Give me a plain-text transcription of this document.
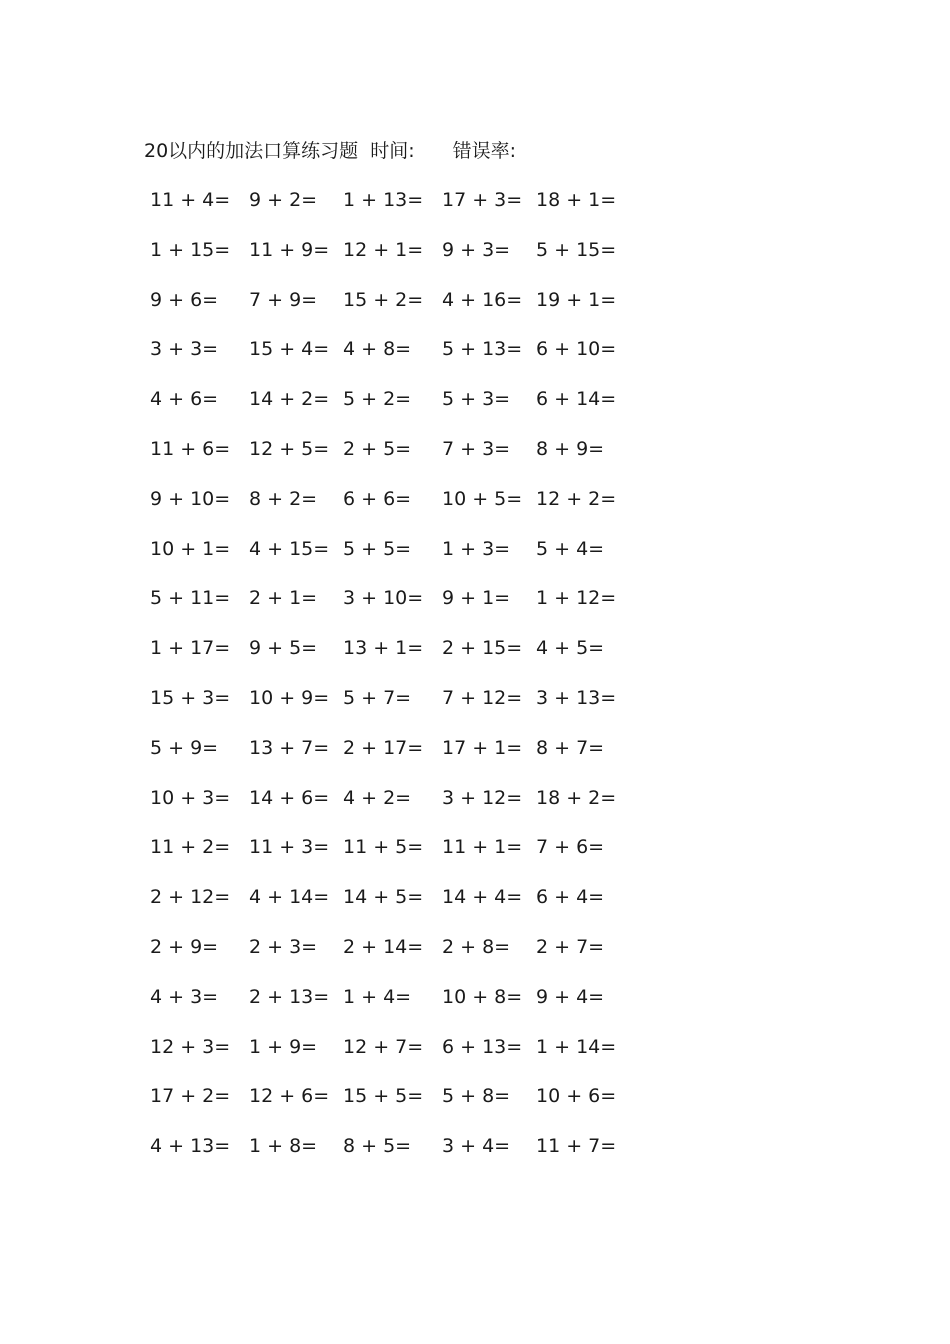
20以内的加法口算练习题 时间: 错误率:
11 + 4= 9 + 2= 1 + 13= 17 + 3= 18 + 1=
1 + 15= 11 + 9= 12 + 1= 9 + 3= 5 + 15=
9 + 6= 7 + 9= 15 + 2= 4 + 16= 19 + 1=
3 + 3= 15 + 4= 4 + 8= 5 + 13= 6 + 10=
4 + 6= 14 + 2= 5 + 2= 5 + 3= 6 + 14=
11 + 6= 12 + 5= 2 + 5= 7 + 3= 8 + 9=
9 + 10= 8 + 2= 6 + 6= 10 + 5= 12 + 2=
10 + 1= 4 + 15= 5 + 5= 1 + 3= 5 + 4=
5 + 11= 2 + 1= 3 + 10= 9 + 1= 1 + 12=
1 + 17= 9 + 5= 13 + 1= 2 + 15= 4 + 5=
15 + 3= 10 + 9= 5 + 7= 7 + 12= 3 + 13=
5 + 9= 13 + 7= 2 + 17= 17 + 1= 8 + 7=
10 + 3= 14 + 6= 4 + 2= 3 + 12= 18 + 2=
11 + 2= 11 + 3= 11 + 5= 11 + 1= 7 + 6=
2 + 12= 4 + 14= 14 + 5= 14 + 4= 6 + 4=
2 + 9= 2 + 3= 2 + 14= 2 + 8= 2 + 7=
4 + 3= 2 + 13= 1 + 4= 10 + 8= 9 + 4=
12 + 3= 1 + 9= 12 + 7= 6 + 13= 1 + 14=
17 + 2= 12 + 6= 15 + 5= 5 + 8= 10 + 6=
4 + 13= 1 + 8= 8 + 5= 3 + 4= 11 + 7=
